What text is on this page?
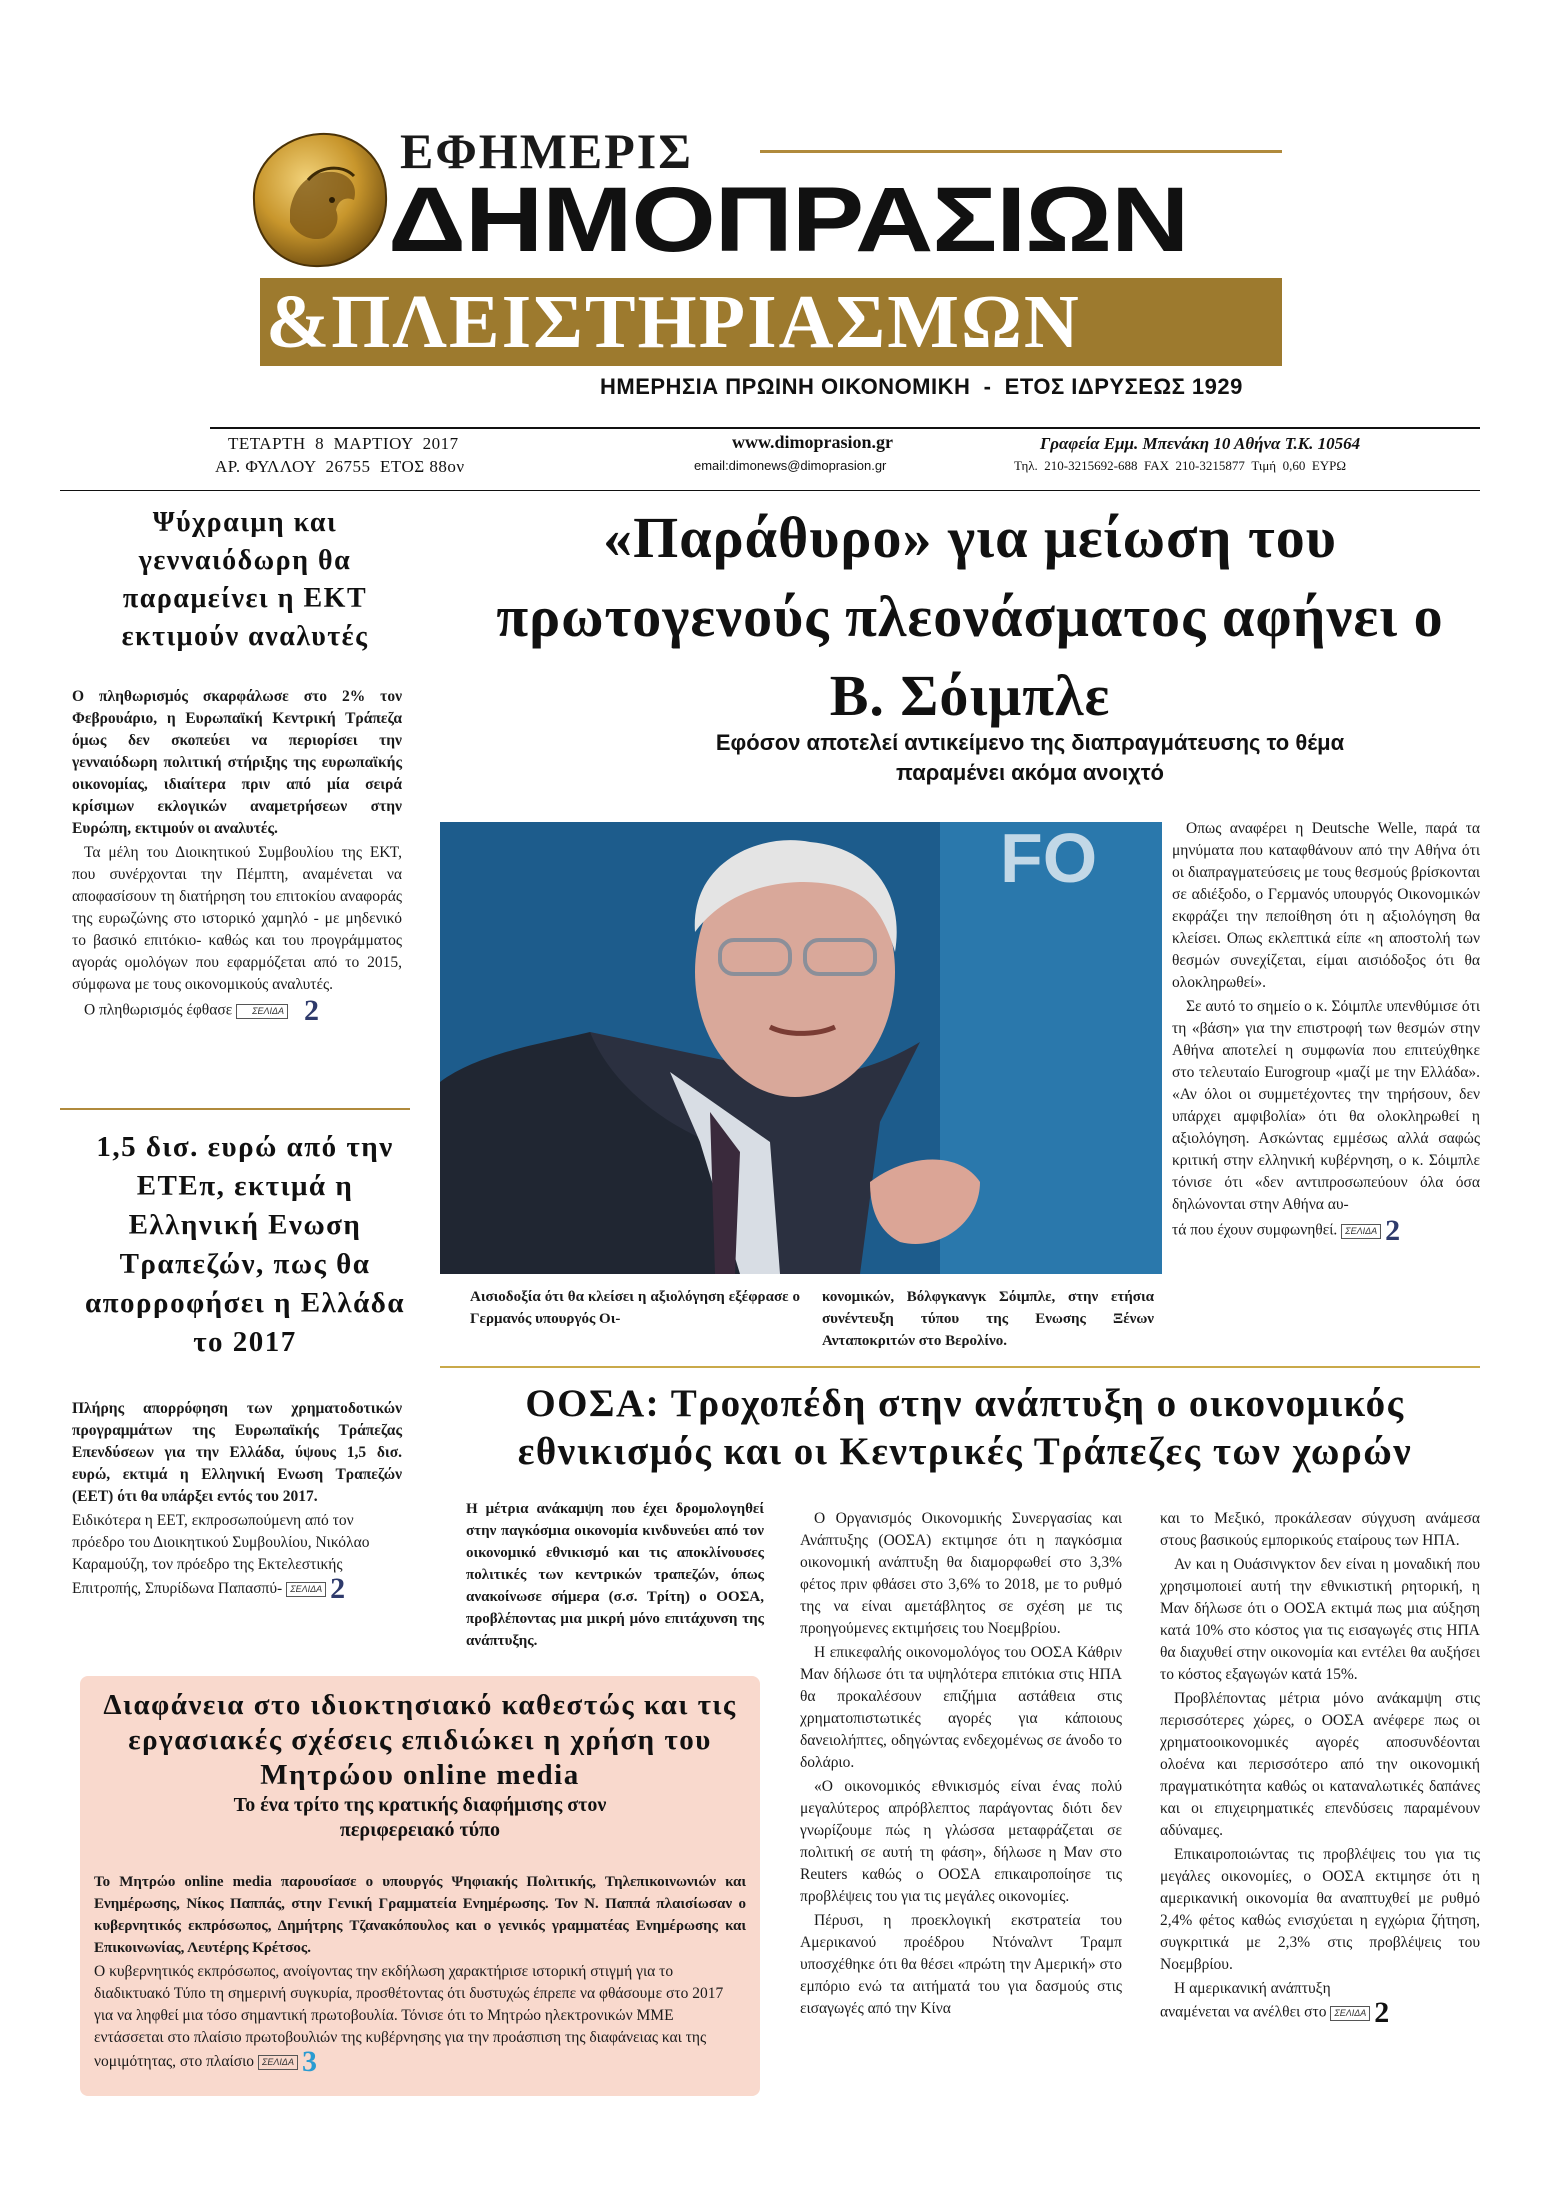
ΕΦΗΜΕΡΙΣ
ΔΗΜΟΠΡΑΣΙΩΝ
&ΠΛΕΙΣΤΗΡΙΑΣΜΩΝ
ΗΜΕΡΗΣΙΑ ΠΡΩΙΝΗ ΟΙΚΟΝΟΜΙΚΗ  -  ΕΤΟΣ ΙΔΡΥΣΕΩΣ 1929
ΤΕΤΑΡΤΗ  8  ΜΑΡΤΙΟΥ  2017
ΑΡ. ΦΥΛΛΟΥ  26755  ΕΤΟΣ 88ον
www.dimoprasion.gr
email:dimonews@dimoprasion.gr
Γραφεία Εμμ. Μπενάκη 10 Αθήνα Τ.Κ. 10564
Τηλ.  210-3215692-688  FAX  210-3215877  Τιμή  0,60  ΕΥΡΩ
Ψύχραιμη και γενναιόδωρη θα παραμείνει η ΕΚΤ εκτιμούν αναλυτές

Ο πληθωρισμός σκαρφάλωσε στο 2% τον Φεβρουάριο, η Ευρωπαϊκή Κεντρική Τράπεζα όμως δεν σκοπεύει να περιορίσει την γενναιόδωρη πολιτική στήριξης της ευρωπαϊκής οικονομίας, ιδιαίτερα πριν από μία σειρά κρίσιμων εκλογικών αναμετρήσεων στην Ευρώπη, εκτιμούν οι αναλυτές.

Τα μέλη του Διοικητικού Συμβουλίου της ΕΚΤ, που συνέρχονται την Πέμπτη, αναμένεται να αποφασίσουν τη διατήρηση του επιτοκίου αναφοράς της ευρωζώνης στο ιστορικό χαμηλό - με μηδενικό το βασικό επιτόκιο- καθώς και του προγράμματος αγοράς ομολόγων που εφαρμόζεται από το 2015, σύμφωνα με τους οικονομικούς αναλυτές.

Ο πληθωρισμός έφθασε	ΣΕΛΙΔΑ 2
1,5 δισ. ευρώ από την ΕΤΕπ, εκτιμά η Ελληνική Ενωση Τραπεζών, πως θα απορροφήσει η Ελλάδα το 2017

Πλήρης απορρόφηση των χρηματοδοτικών προγραμμάτων της Ευρωπαϊκής Τράπεζας Επενδύσεων για την Ελλάδα, ύψους 1,5 δισ. ευρώ, εκτιμά η Ελληνική Ενωση Τραπεζών (ΕΕΤ) ότι θα υπάρξει εντός του 2017.

Ειδικότερα η ΕΕΤ, εκπροσωπούμενη από τον πρόεδρο του Διοικητικού Συμβουλίου, Νικόλαο Καραμούζη, τον πρόεδρο της Εκτελεστικής Επιτροπής, Σπυρίδωνα Παπασπύ-

ΣΕΛΙΔΑ 2
«Παράθυρο» για μείωση του πρωτογενούς πλεονάσματος αφήνει ο Β. Σόιμπλε
Εφόσον αποτελεί αντικείμενο της διαπραγμάτευσης το θέμα παραμένει ακόμα ανοιχτό
FO
Αισιοδοξία ότι θα κλείσει η αξιολόγηση εξέφρασε ο Γερμανός υπουργός Οι-
κονομικών, Βόλφγκανγκ Σόιμπλε, στην ετήσια συνέντευξη τύπου της Ενωσης Ξένων Ανταποκριτών στο Βερολίνο.

Οπως αναφέρει η Deutsche Welle, παρά τα μηνύματα που καταφθάνουν από την Αθήνα ότι οι διαπραγματεύσεις με τους θεσμούς βρίσκονται σε αδιέξοδο, ο Γερμανός υπουργός Οικονομικών εκφράζει την πεποίθηση ότι η αξιολόγηση θα κλείσει. Οπως εκλεπτικά είπε «η αποστολή των θεσμών συνεχίζεται, είμαι αισιόδοξος ότι θα ολοκληρωθεί».

Σε αυτό το σημείο ο κ. Σόιμπλε υπενθύμισε ότι τη «βάση» για την επιστροφή των θεσμών στην Αθήνα αποτελεί η συμφωνία που επιτεύχθηκε στο τελευταίο Eurogroup «μαζί με την Ελλάδα». «Αν όλοι οι συμμετέχοντες την τηρήσουν, δεν υπάρχει αμφιβολία» ότι θα ολοκληρωθεί η αξιολόγηση. Ασκώντας εμμέσως αλλά σαφώς κριτική στην ελληνική κυβέρνηση, ο κ. Σόιμπλε τόνισε ότι «δεν αντιπροσωπεύουν όλα όσα δηλώνονται στην Αθήνα αυ-

τά που έχουν συμφωνηθεί. ΣΕΛΙΔΑ 2
ΟΟΣΑ: Τροχοπέδη στην ανάπτυξη ο οικονομικός εθνικισμός και οι Κεντρικές Τράπεζες των χωρών
Η μέτρια ανάκαμψη που έχει δρομολογηθεί στην παγκόσμια οικονομία κινδυνεύει από τον οικονομικό εθνικισμό και τις αποκλίνουσες πολιτικές των κεντρικών τραπεζών, όπως ανακοίνωσε σήμερα (σ.σ. Τρίτη) ο ΟΟΣΑ, προβλέποντας μια μικρή μόνο επιτάχυνση της ανάπτυξης.

Ο Οργανισμός Οικονομικής Συνεργασίας και Ανάπτυξης (ΟΟΣΑ) εκτιμησε ότι η παγκόσμια οικονομική ανάπτυξη θα διαμορφωθεί στο 3,3% φέτος πριν φθάσει στο 3,6% το 2018, με το ρυθμό της να είναι αμετάβλητος σε σχέση με τις προηγούμενες εκτιμήσεις του Νοεμβρίου.

Η επικεφαλής οικονομολόγος του ΟΟΣΑ Κάθριν Μαν δήλωσε ότι τα υψηλότερα επιτόκια στις ΗΠΑ θα προκαλέσουν επιζήμια αστάθεια στις χρηματοπιστωτικές αγορές για κάποιους δανειολήπτες, οδηγώντας ενδεχομένως σε άνοδο το δολάριο.

«Ο οικονομικός εθνικισμός είναι ένας πολύ μεγαλύτερος απρόβλεπτος παράγοντας διότι δεν γνωρίζουμε πώς η γλώσσα μεταφράζεται σε πολιτική σε αυτή τη φάση», δήλωσε η Μαν στο Reuters καθώς ο ΟΟΣΑ επικαιροποίησε τις προβλέψεις του για τις μεγάλες οικονομίες.

Πέρυσι, η προεκλογική εκστρατεία του Αμερικανού προέδρου Ντόναλντ Τραμπ υποσχέθηκε ότι θα θέσει «πρώτη την Αμερική» στο εμπόριο ενώ τα αιτήματά του για δασμούς στις εισαγωγές από την Κίνα

και το Μεξικό, προκάλεσαν σύγχυση ανάμεσα στους βασικούς εμπορικούς εταίρους των ΗΠΑ.

Αν και η Ουάσινγκτον δεν είναι η μοναδική που χρησιμοποιεί αυτή την εθνικιστική ρητορική, η Μαν δήλωσε ότι ο ΟΟΣΑ εκτιμά πως μια αύξηση κατά 10% στο κόστος για τις εισαγωγές στις ΗΠΑ θα διαχυθεί στην οικονομία και εντέλει θα αυξήσει το κόστος εξαγωγών κατά 15%.

Προβλέποντας μέτρια μόνο ανάκαμψη στις περισσότερες χώρες, ο ΟΟΣΑ ανέφερε πως οι χρηματοοικονομικές αγορές αποσυνδέονται ολοένα και περισσότερο από την οικονομική πραγματικότητα καθώς οι καταναλωτικές δαπάνες και οι επιχειρηματικές επενδύσεις παραμένουν αδύναμες.

Επικαιροποιώντας τις προβλέψεις του για τις μεγάλες οικονομίες, ο ΟΟΣΑ εκτιμησε ότι η αμερικανική οικονομία θα αναπτυχθεί με ρυθμό 2,4% φέτος καθώς ενισχύεται η εγχώρια ζήτηση, συγκριτικά με 2,3% στις προβλέψεις του Νοεμβρίου.

Η αμερικανική ανάπτυξη
αναμένεται να ανέλθει στο ΣΕΛΙΔΑ 2
Διαφάνεια στο ιδιοκτησιακό καθεστώς και τις εργασιακές σχέσεις επιδιώκει η χρήση του Μητρώου online media
Το ένα τρίτο της κρατικής διαφήμισης στον περιφερειακό τύπο

Το Μητρώο online media παρουσίασε ο υπουργός Ψηφιακής Πολιτικής, Τηλεπικοινωνιών και Ενημέρωσης, Νίκος Παππάς, στην Γενική Γραμματεία Ενημέρωσης. Τον Ν. Παππά πλαισίωσαν ο κυβερνητικός εκπρόσωπος, Δημήτρης Τζανακόπουλος και ο γενικός γραμματέας Ενημέρωσης και Επικοινωνίας, Λευτέρης Κρέτσος.

Ο κυβερνητικός εκπρόσωπος, ανοίγοντας την εκδήλωση χαρακτήρισε ιστορική στιγμή για το διαδικτυακό Τύπο τη σημερινή συγκυρία, προσθέτοντας ότι δυστυχώς έπρεπε να φθάσουμε στο 2017 για να ληφθεί μια τόσο σημαντική πρωτοβουλία. Τόνισε ότι το Μητρώο ηλεκτρονικών ΜΜΕ εντάσσεται στο πλαίσιο πρωτοβουλιών της κυβέρνησης για την προάσπιση της διαφάνειας και της νομιμότητας, στο πλαίσιο

ΣΕΛΙΔΑ 3
